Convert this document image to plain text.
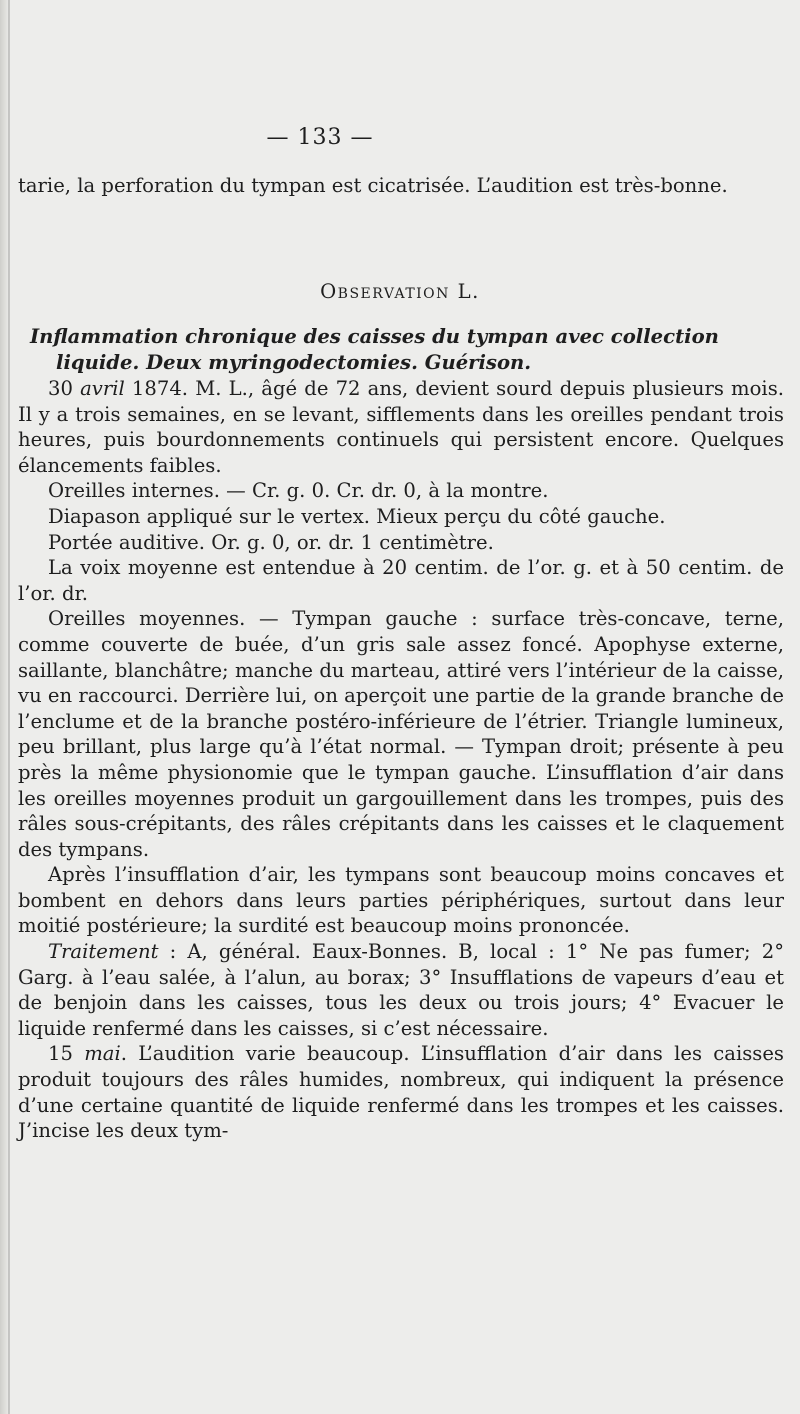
— 133 —

tarie, la perforation du tympan est cicatrisée. L’audition est très-bonne.

Observation L.
Inflammation chronique des caisses du tympan avec collection
liquide. Deux myringodectomies. Guérison.

30 avril 1874. M. L., âgé de 72 ans, devient sourd depuis plusieurs mois. Il y a trois semaines, en se levant, sifflements dans les oreilles pendant trois heures, puis bourdonnements continuels qui persistent encore. Quelques élancements faibles.

Oreilles internes. — Cr. g. 0. Cr. dr. 0, à la montre.

Diapason appliqué sur le vertex. Mieux perçu du côté gauche.

Portée auditive. Or. g. 0, or. dr. 1 centimètre.

La voix moyenne est entendue à 20 centim. de l’or. g. et à 50 centim. de l’or. dr.

Oreilles moyennes. — Tympan gauche : surface très-concave, terne, comme couverte de buée, d’un gris sale assez foncé. Apophyse externe, saillante, blanchâtre; manche du marteau, attiré vers l’intérieur de la caisse, vu en raccourci. Derrière lui, on aperçoit une partie de la grande branche de l’enclume et de la branche postéro-inférieure de l’étrier. Triangle lumineux, peu brillant, plus large qu’à l’état normal. — Tympan droit; présente à peu près la même physionomie que le tympan gauche. L’insufflation d’air dans les oreilles moyennes produit un gargouillement dans les trompes, puis des râles sous-crépitants, des râles crépitants dans les caisses et le claquement des tympans.

Après l’insufflation d’air, les tympans sont beaucoup moins concaves et bombent en dehors dans leurs parties périphériques, surtout dans leur moitié postérieure; la surdité est beaucoup moins prononcée.

Traitement : A, général. Eaux-Bonnes. B, local : 1° Ne pas fumer; 2° Garg. à l’eau salée, à l’alun, au borax; 3° Insufflations de vapeurs d’eau et de benjoin dans les caisses, tous les deux ou trois jours; 4° Evacuer le liquide renfermé dans les caisses, si c’est nécessaire.

15 mai. L’audition varie beaucoup. L’insufflation d’air dans les caisses produit toujours des râles humides, nombreux, qui indiquent la présence d’une certaine quantité de liquide renfermé dans les trompes et les caisses. J’incise les deux tym-
